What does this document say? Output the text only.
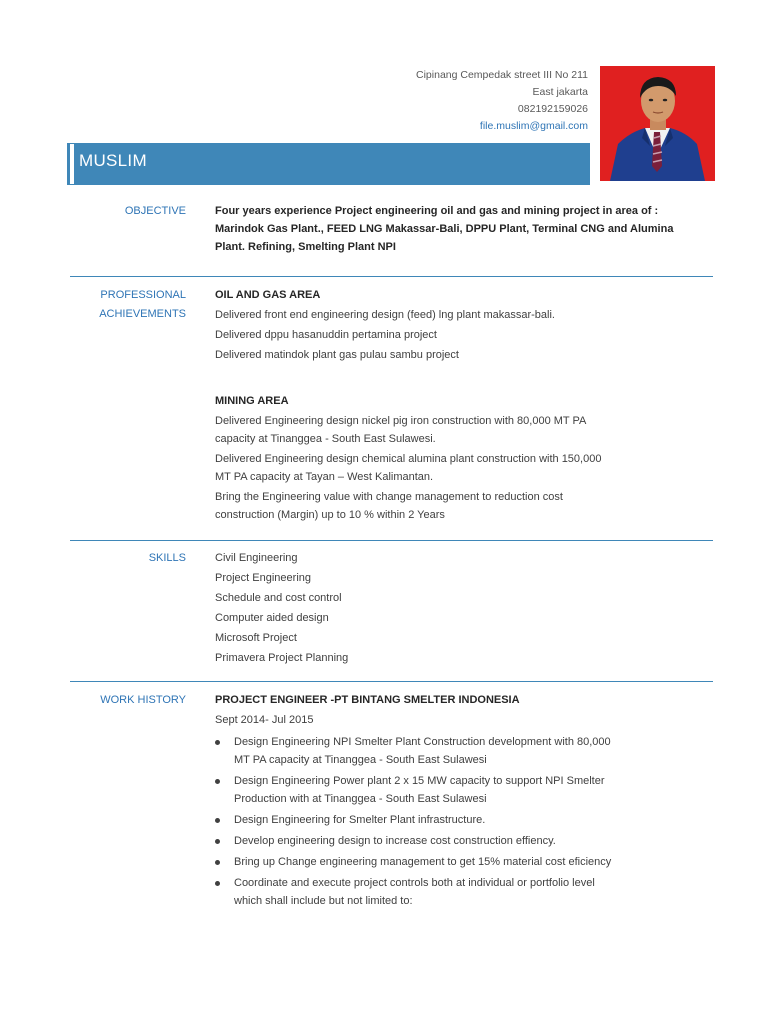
Cipinang Cempedak street III No 211
East jakarta
082192159026
file.muslim@gmail.com
MUSLIM
OBJECTIVE	Four years experience Project engineering oil and gas and mining project in area of : Marindok Gas Plant., FEED LNG Makassar-Bali, DPPU Plant, Terminal CNG and Alumina Plant. Refining, Smelting Plant NPI
PROFESSIONAL
ACHIEVEMENTS
OIL AND GAS AREA
Delivered front end engineering design (feed) lng plant makassar-bali.
Delivered dppu hasanuddin pertamina project
Delivered matindok plant gas pulau sambu project
MINING AREA
Delivered Engineering design nickel pig iron construction with 80,000 MT PA capacity at Tinanggea - South East Sulawesi.
Delivered Engineering design chemical alumina plant construction with 150,000 MT PA capacity at Tayan – West Kalimantan.
Bring the Engineering value with change management to reduction cost construction (Margin) up to 10 % within 2 Years
SKILLS	Civil Engineering
Project Engineering
Schedule and cost control
Computer aided design
Microsoft Project
Primavera Project Planning
WORK HISTORY	PROJECT ENGINEER -PT BINTANG SMELTER INDONESIA
Sept 2014- Jul 2015
Design Engineering NPI Smelter Plant Construction development with 80,000 MT PA capacity at Tinanggea - South East Sulawesi
Design Engineering Power plant 2 x 15 MW capacity to support NPI Smelter Production with at Tinanggea - South East Sulawesi
Design Engineering for Smelter Plant infrastructure.
Develop engineering design to increase cost construction effiency.
Bring up Change engineering management to get 15% material cost eficiency
Coordinate and execute project controls both at individual or portfolio level which shall include but not limited to:
